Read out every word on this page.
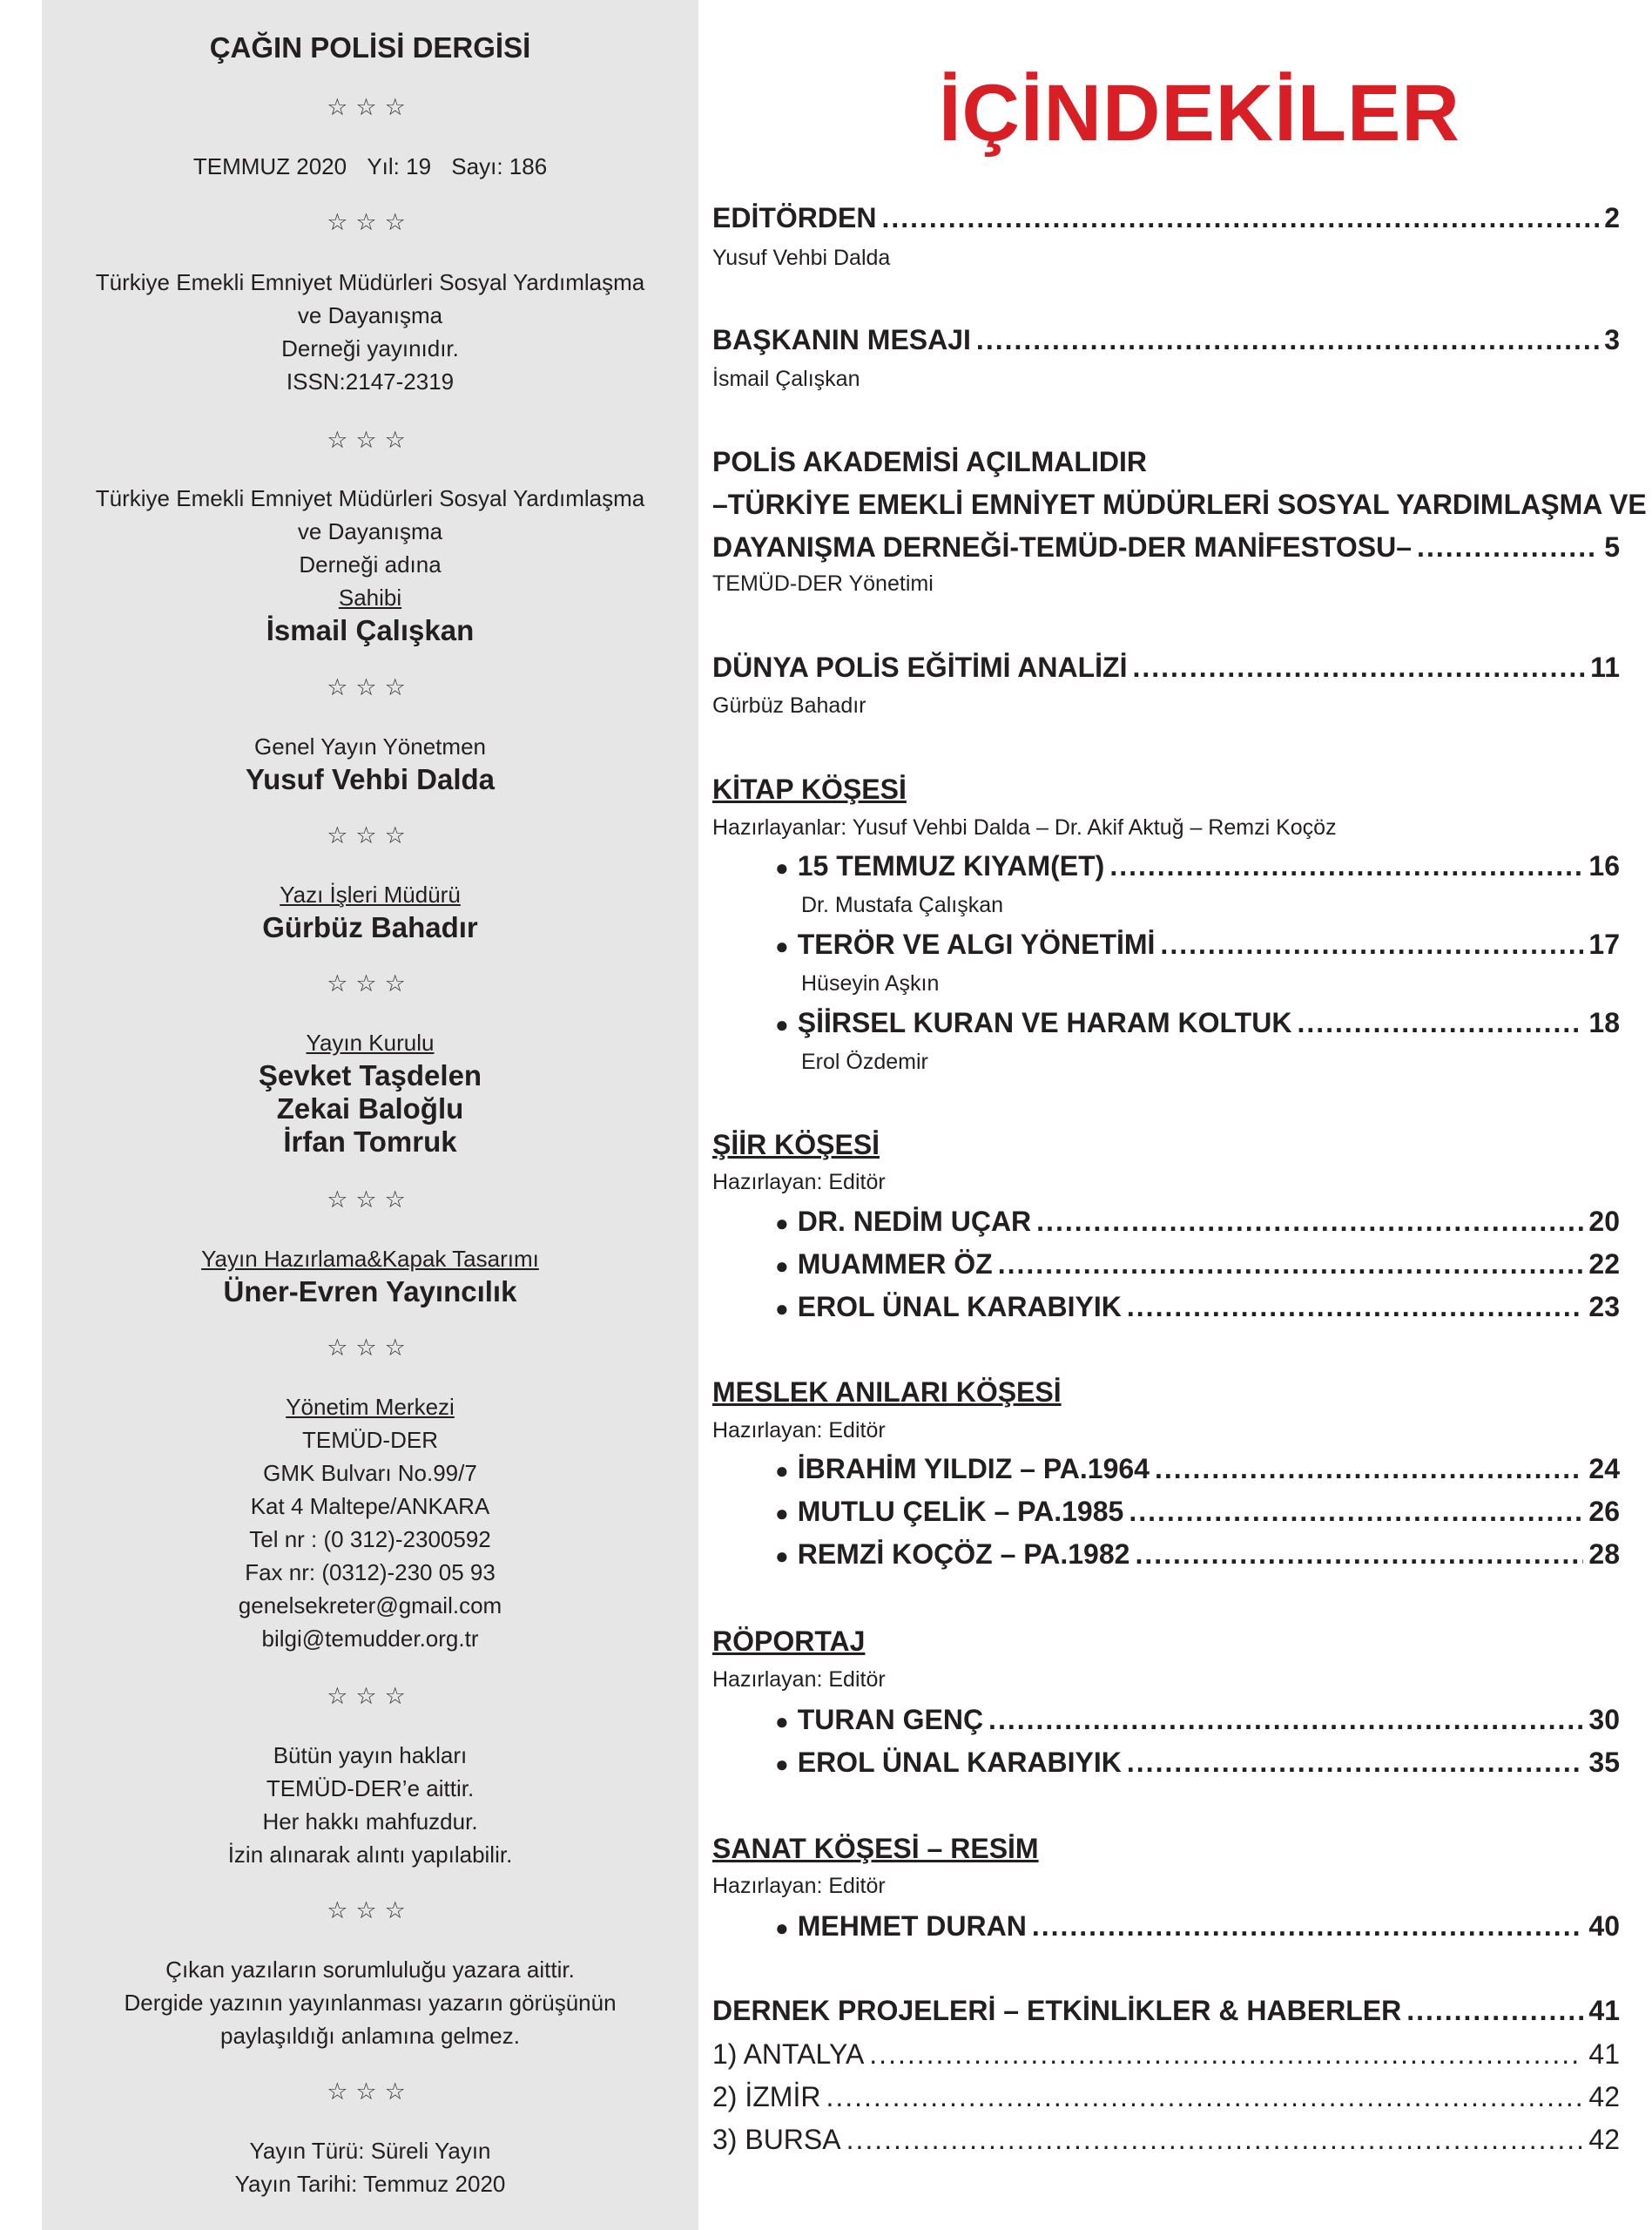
ÇAĞIN POLİSİ DERGİSİ
☆☆☆
TEMMUZ 2020 Yıl: 19 Sayı: 186
☆☆☆
Türkiye Emekli Emniyet Müdürleri Sosyal Yardımlaşma
ve Dayanışma
Derneği yayınıdır.
ISSN:2147-2319
☆☆☆
Türkiye Emekli Emniyet Müdürleri Sosyal Yardımlaşma
ve Dayanışma
Derneği adına
Sahibi
İsmail Çalışkan
☆☆☆
Genel Yayın Yönetmen
Yusuf Vehbi Dalda
☆☆☆
Yazı İşleri Müdürü
Gürbüz Bahadır
☆☆☆
Yayın Kurulu
Şevket Taşdelen
Zekai Baloğlu
İrfan Tomruk
☆☆☆
Yayın Hazırlama&Kapak Tasarımı
Üner-Evren Yayıncılık
☆☆☆
Yönetim Merkezi
TEMÜD-DER
GMK Bulvarı No.99/7
Kat 4 Maltepe/ANKARA
Tel nr : (0 312)-2300592
Fax nr: (0312)-230 05 93
genelsekreter@gmail.com
bilgi@temudder.org.tr
☆☆☆
Bütün yayın hakları
TEMÜD-DER’e aittir.
Her hakkı mahfuzdur.
İzin alınarak alıntı yapılabilir.
☆☆☆
Çıkan yazıların sorumluluğu yazara aittir.
Dergide yazının yayınlanması yazarın görüşünün
paylaşıldığı anlamına gelmez.
☆☆☆
Yayın Türü: Süreli Yayın
Yayın Tarihi: Temmuz 2020
İÇİNDEKİLER
EDİTÖRDEN .....	2
Yusuf Vehbi Dalda
BAŞKANIN MESAJI .....	3
İsmail Çalışkan
POLİS AKADEMİSİ AÇILMALIDIR
–TÜRKİYE EMEKLİ EMNİYET MÜDÜRLERİ SOSYAL YARDIMLAŞMA VE
DAYANIŞMA DERNEĞİ-TEMÜD-DER MANİFESTOSU– .....	5
TEMÜD-DER Yönetimi
DÜNYA POLİS EĞİTİMİ ANALİZİ .....	11
Gürbüz Bahadır
KİTAP KÖŞESİ
Hazırlayanlar: Yusuf Vehbi Dalda – Dr. Akif Aktuğ – Remzi Koçöz
● 15 TEMMUZ KIYAM(ET) .....	16
Dr. Mustafa Çalışkan
● TERÖR VE ALGI YÖNETİMİ .....	17
Hüseyin Aşkın
● ŞİİRSEL KURAN VE HARAM KOLTUK .....	18
Erol Özdemir
ŞİİR KÖŞESİ
Hazırlayan: Editör
● DR. NEDİM UÇAR .....	20
● MUAMMER ÖZ .....	22
● EROL ÜNAL KARABIYIK .....	23
MESLEK ANILARI KÖŞESİ
Hazırlayan: Editör
● İBRAHİM YILDIZ – PA.1964 .....	24
● MUTLU ÇELİK – PA.1985 .....	26
● REMZİ KOÇÖZ – PA.1982 .....	28
RÖPORTAJ
Hazırlayan: Editör
● TURAN GENÇ .....	30
● EROL ÜNAL KARABIYIK .....	35
SANAT KÖŞESİ – RESİM
Hazırlayan: Editör
● MEHMET DURAN .....	40
DERNEK PROJELERİ – ETKİNLİKLER & HABERLER .....	41
1) ANTALYA .....	41
2) İZMİR .....	42
3) BURSA .....	42
